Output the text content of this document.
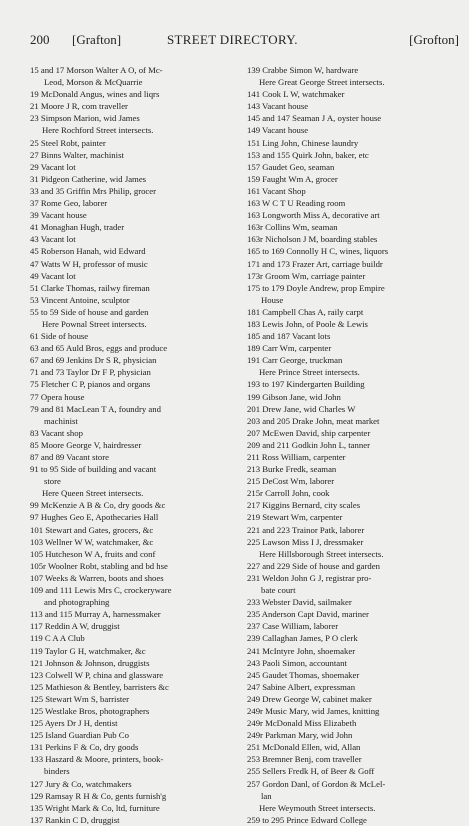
200 [Grafton]	STREET DIRECTORY.	[Grofton]
15 and 17 Morson Walter A O, of Mc-
Leod, Morson & McQuarrie
19 McDonald Angus, wines and liqrs
21 Moore J R, com traveller
23 Simpson Marion, wid James
Here Rochford Street intersects.
25 Steel Robt, painter
27 Binns Walter, machinist
29 Vacant lot
31 Pidgeon Catherine, wid James
33 and 35 Griffin Mrs Philip, grocer
37 Rome Geo, laborer
39 Vacant house
41 Monaghan Hugh, trader
43 Vacant lot
45 Roberson Hanah, wid Edward
47 Watts W H, professor of music
49 Vacant lot
51 Clarke Thomas, railwy fireman
53 Vincent Antoine, sculptor
55 to 59 Side of house and garden
Here Pownal Street intersects.
61 Side of house
63 and 65 Auld Bros, eggs and produce
67 and 69 Jenkins Dr S R, physician
71 and 73 Taylor Dr F P, physician
75 Fletcher C P, pianos and organs
77 Opera house
79 and 81 MacLean T A, foundry and
machinist
83 Vacant shop
85 Moore George V, hairdresser
87 and 89 Vacant store
91 to 95 Side of building and vacant
store
Here Queen Street intersects.
99 McKenzie A B & Co, dry goods &c
97 Hughes Geo E, Apothecaries Hall
101 Stewart and Gates, grocers, &c
103 Wellner W W, watchmaker, &c
105 Hutcheson W A, fruits and conf
105r Woolner Robt, stabling and bd hse
107 Weeks & Warren, boots and shoes
109 and 111 Lewis Mrs C, crockeryware
and photographing
113 and 115 Murray A, harnessmaker
117 Reddin A W, druggist
119 C A A Club
119 Taylor G H, watchmaker, &c
121 Johnson & Johnson, druggists
123 Colwell W P, china and glassware
125 Mathieson & Bentley, barristers &c
125 Stewart Wm S, barrister
125 Westlake Bros, photographers
125 Ayers Dr J H, dentist
125 Island Guardian Pub Co
131 Perkins F & Co, dry goods
133 Haszard & Moore, printers, book-
binders
127 Jury & Co, watchmakers
129 Ramsay R H & Co, gents furnish'g
135 Wright Mark & Co, ltd, furniture
137 Rankin C D, druggist
139 Crabbe Simon W, hardware
Here Great George Street intersects.
141 Cook L W, watchmaker
143 Vacant house
145 and 147 Seaman J A, oyster house
149 Vacant house
151 Ling John, Chinese laundry
153 and 155 Quirk John, baker, etc
157 Gaudet Geo, seaman
159 Faught Wm A, grocer
161 Vacant Shop
163 W C T U Reading room
163 Longworth Miss A, decorative art
163r Collins Wm, seaman
163r Nicholson J M, boarding stables
165 to 169 Connolly H C, wines, liquors
171 and 173 Frazer Art, carriage buildr
173r Groom Wm, carriage painter
175 to 179 Doyle Andrew, prop Empire
House
181 Campbell Chas A, raily carpt
183 Lewis John, of Poole & Lewis
185 and 187 Vacant lots
189 Carr Wm, carpenter
191 Carr George, truckman
Here Prince Street intersects.
193 to 197 Kindergarten Building
199 Gibson Jane, wid John
201 Drew Jane, wid Charles W
203 and 205 Drake John, meat market
207 McEwen David, ship carpenter
209 and 211 Godkin John L, tanner
211 Ross William, carpenter
213 Burke Fredk, seaman
215 DeCost Wm, laborer
215r Carroll John, cook
217 Kiggins Bernard, city scales
219 Stewart Wm, carpenter
221 and 223 Trainor Patk, laborer
225 Lawson Miss I J, dressmaker
Here Hillsborough Street intersects.
227 and 229 Side of house and garden
231 Weldon John G J, registrar pro-
bate court
233 Webster David, sailmaker
235 Anderson Capt David, mariner
237 Case William, laborer
239 Callaghan James, P O clerk
241 McIntyre John, shoemaker
243 Paoli Simon, accountant
245 Gaudet Thomas, shoemaker
247 Sabine Albert, expressman
249 Drew George W, cabinet maker
249r Music Mary, wid James, knitting
249r McDonald Miss Elizabeth
249r Parkman Mary, wid John
251 McDonald Ellen, wid, Allan
253 Bremner Benj, com traveller
255 Sellers Fredk H, of Beer & Goff
257 Gordon Danl, of Gordon & McLel-
lan
Here Weymouth Street intersects.
259 to 295 Prince Edward College
